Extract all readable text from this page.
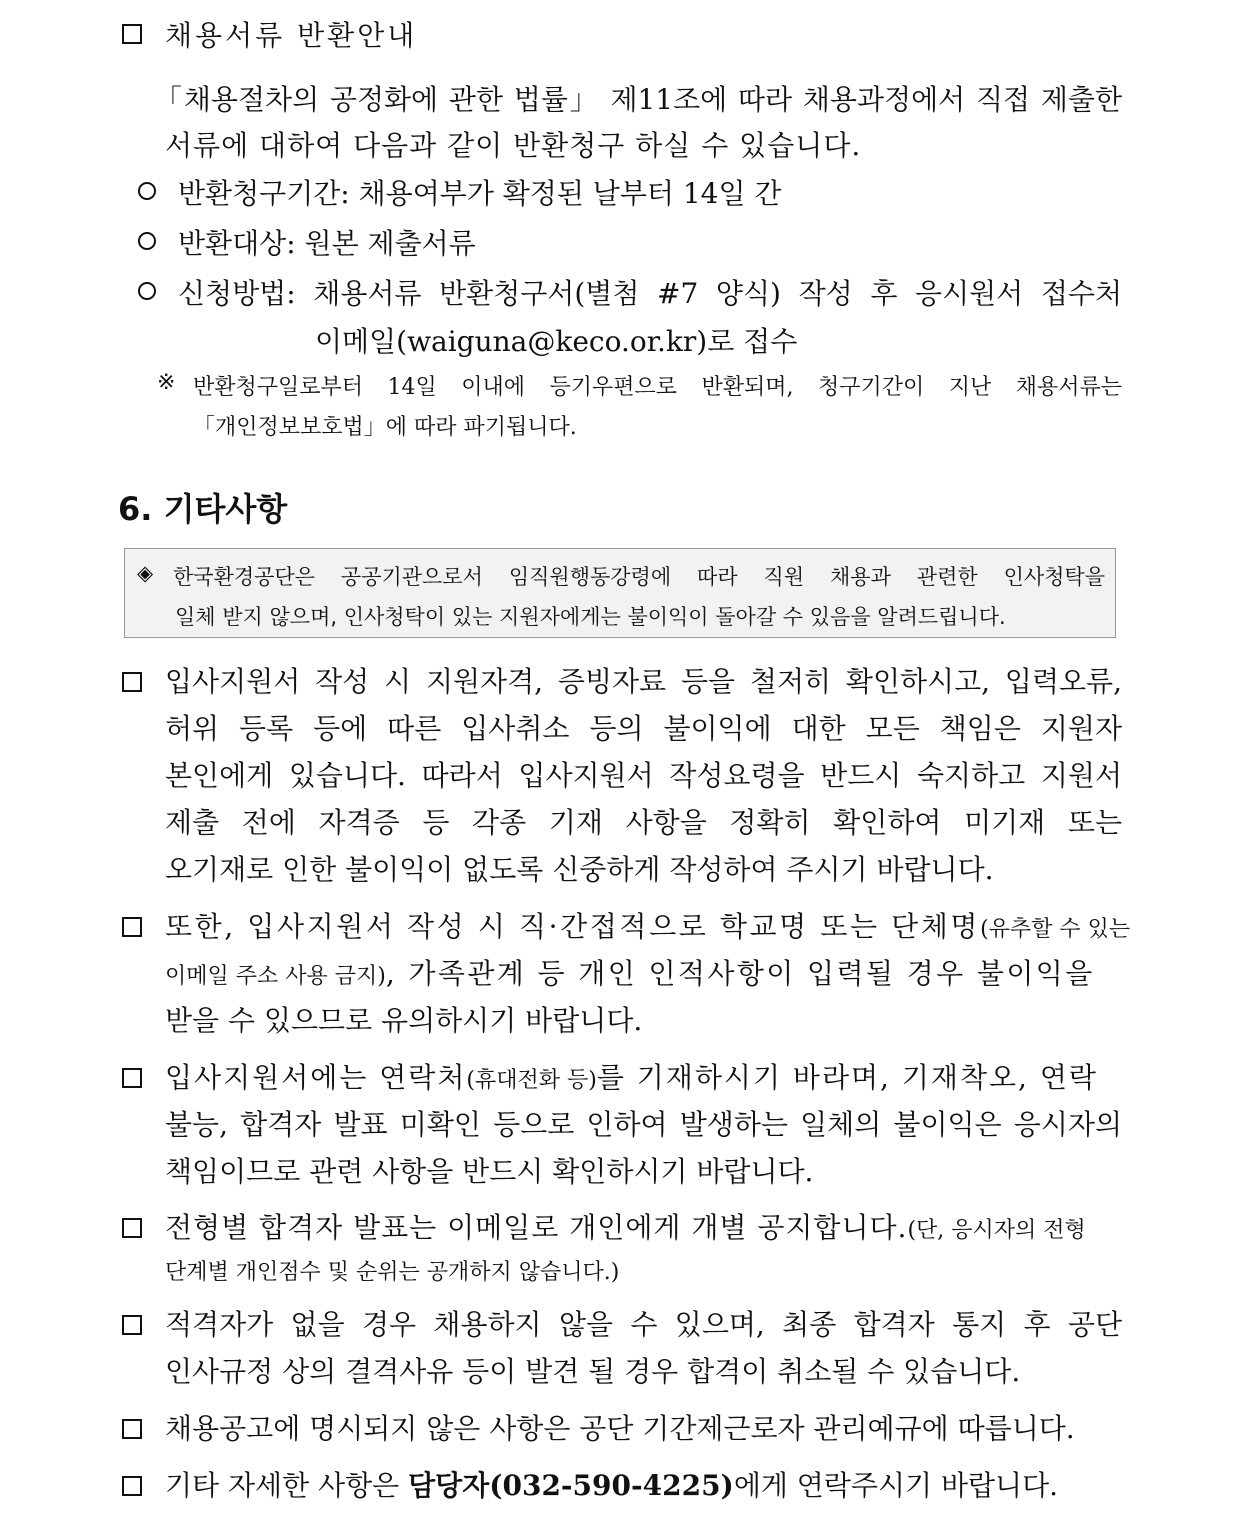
채용서류 반환안내
「채용절차의 공정화에 관한 법률」 제11조에 따라 채용과정에서 직접 제출한
서류에 대하여 다음과 같이 반환청구 하실 수 있습니다.
반환청구기간: 채용여부가 확정된 날부터 14일 간
반환대상: 원본 제출서류
신청방법: 채용서류 반환청구서(별첨 #7 양식) 작성 후 응시원서 접수처
이메일(waiguna@keco.or.kr)로 접수
※ 반환청구일로부터 14일 이내에 등기우편으로 반환되며, 청구기간이 지난 채용서류는
「개인정보보호법」에 따라 파기됩니다.
6. 기타사항
◈ 한국환경공단은 공공기관으로서 임직원행동강령에 따라 직원 채용과 관련한 인사청탁을
일체 받지 않으며, 인사청탁이 있는 지원자에게는 불이익이 돌아갈 수 있음을 알려드립니다.
입사지원서 작성 시 지원자격, 증빙자료 등을 철저히 확인하시고, 입력오류,
허위 등록 등에 따른 입사취소 등의 불이익에 대한 모든 책임은 지원자
본인에게 있습니다. 따라서 입사지원서 작성요령을 반드시 숙지하고 지원서
제출 전에 자격증 등 각종 기재 사항을 정확히 확인하여 미기재 또는
오기재로 인한 불이익이 없도록 신중하게 작성하여 주시기 바랍니다.
또한, 입사지원서 작성 시 직·간접적으로 학교명 또는 단체명(유추할 수 있는
이메일 주소 사용 금지), 가족관계 등 개인 인적사항이 입력될 경우 불이익을
받을 수 있으므로 유의하시기 바랍니다.
입사지원서에는 연락처(휴대전화 등)를 기재하시기 바라며, 기재착오, 연락
불능, 합격자 발표 미확인 등으로 인하여 발생하는 일체의 불이익은 응시자의
책임이므로 관련 사항을 반드시 확인하시기 바랍니다.
전형별 합격자 발표는 이메일로 개인에게 개별 공지합니다.(단, 응시자의 전형
단계별 개인점수 및 순위는 공개하지 않습니다.)
적격자가 없을 경우 채용하지 않을 수 있으며, 최종 합격자 통지 후 공단
인사규정 상의 결격사유 등이 발견 될 경우 합격이 취소될 수 있습니다.
채용공고에 명시되지 않은 사항은 공단 기간제근로자 관리예규에 따릅니다.
기타 자세한 사항은 담당자(032-590-4225)에게 연락주시기 바랍니다.
